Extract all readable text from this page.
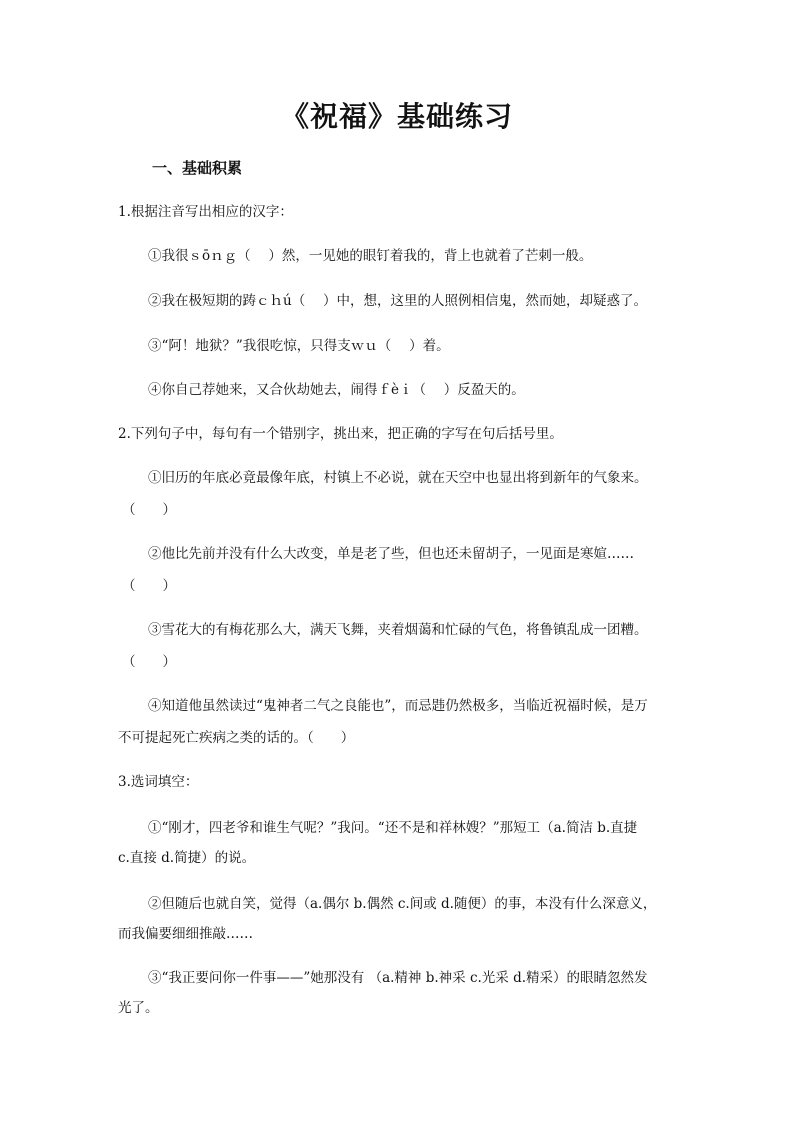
《祝福》基础练习
一、基础积累
1.根据注音写出相应的汉字：
①我很ｓōｎｇ（　 ）然，一见她的眼钉着我的，背上也就着了芒刺一般。
②我在极短期的踌ｃｈú（　 ）中，想，这里的人照例相信鬼，然而她，却疑惑了。
③“阿！地狱？”我很吃惊，只得支ｗｕ（　 ）着。
④你自己荐她来，又合伙劫她去，闹得ｆèｉ（　 ）反盈天的。
2.下列句子中，每句有一个错别字，挑出来，把正确的字写在句后括号里。
①旧历的年底必竟最像年底，村镇上不必说，就在天空中也显出将到新年的气象来。
（　　）
②他比先前并没有什么大改变，单是老了些，但也还未留胡子，一见面是寒媗……
（　　）
③雪花大的有梅花那么大，满天飞舞，夹着烟蔼和忙碌的气色，将鲁镇乱成一团糟。
（　　）
④知道他虽然读过“鬼神者二气之良能也”，而忌韪仍然极多，当临近祝福时候，是万
不可提起死亡疾病之类的话的。（　　）
3.选词填空：
①“刚才，四老爷和谁生气呢？”我问。“还不是和祥林嫂？”那短工（a.简洁 b.直捷
c.直接 d.简捷）的说。
②但随后也就自笑，觉得（a.偶尔 b.偶然 c.间或 d.随便）的事，本没有什么深意义，
而我偏要细细推敲……
③“我正要问你一件事——”她那没有 （a.精神 b.神采 c.光采 d.精采）的眼睛忽然发
光了。
